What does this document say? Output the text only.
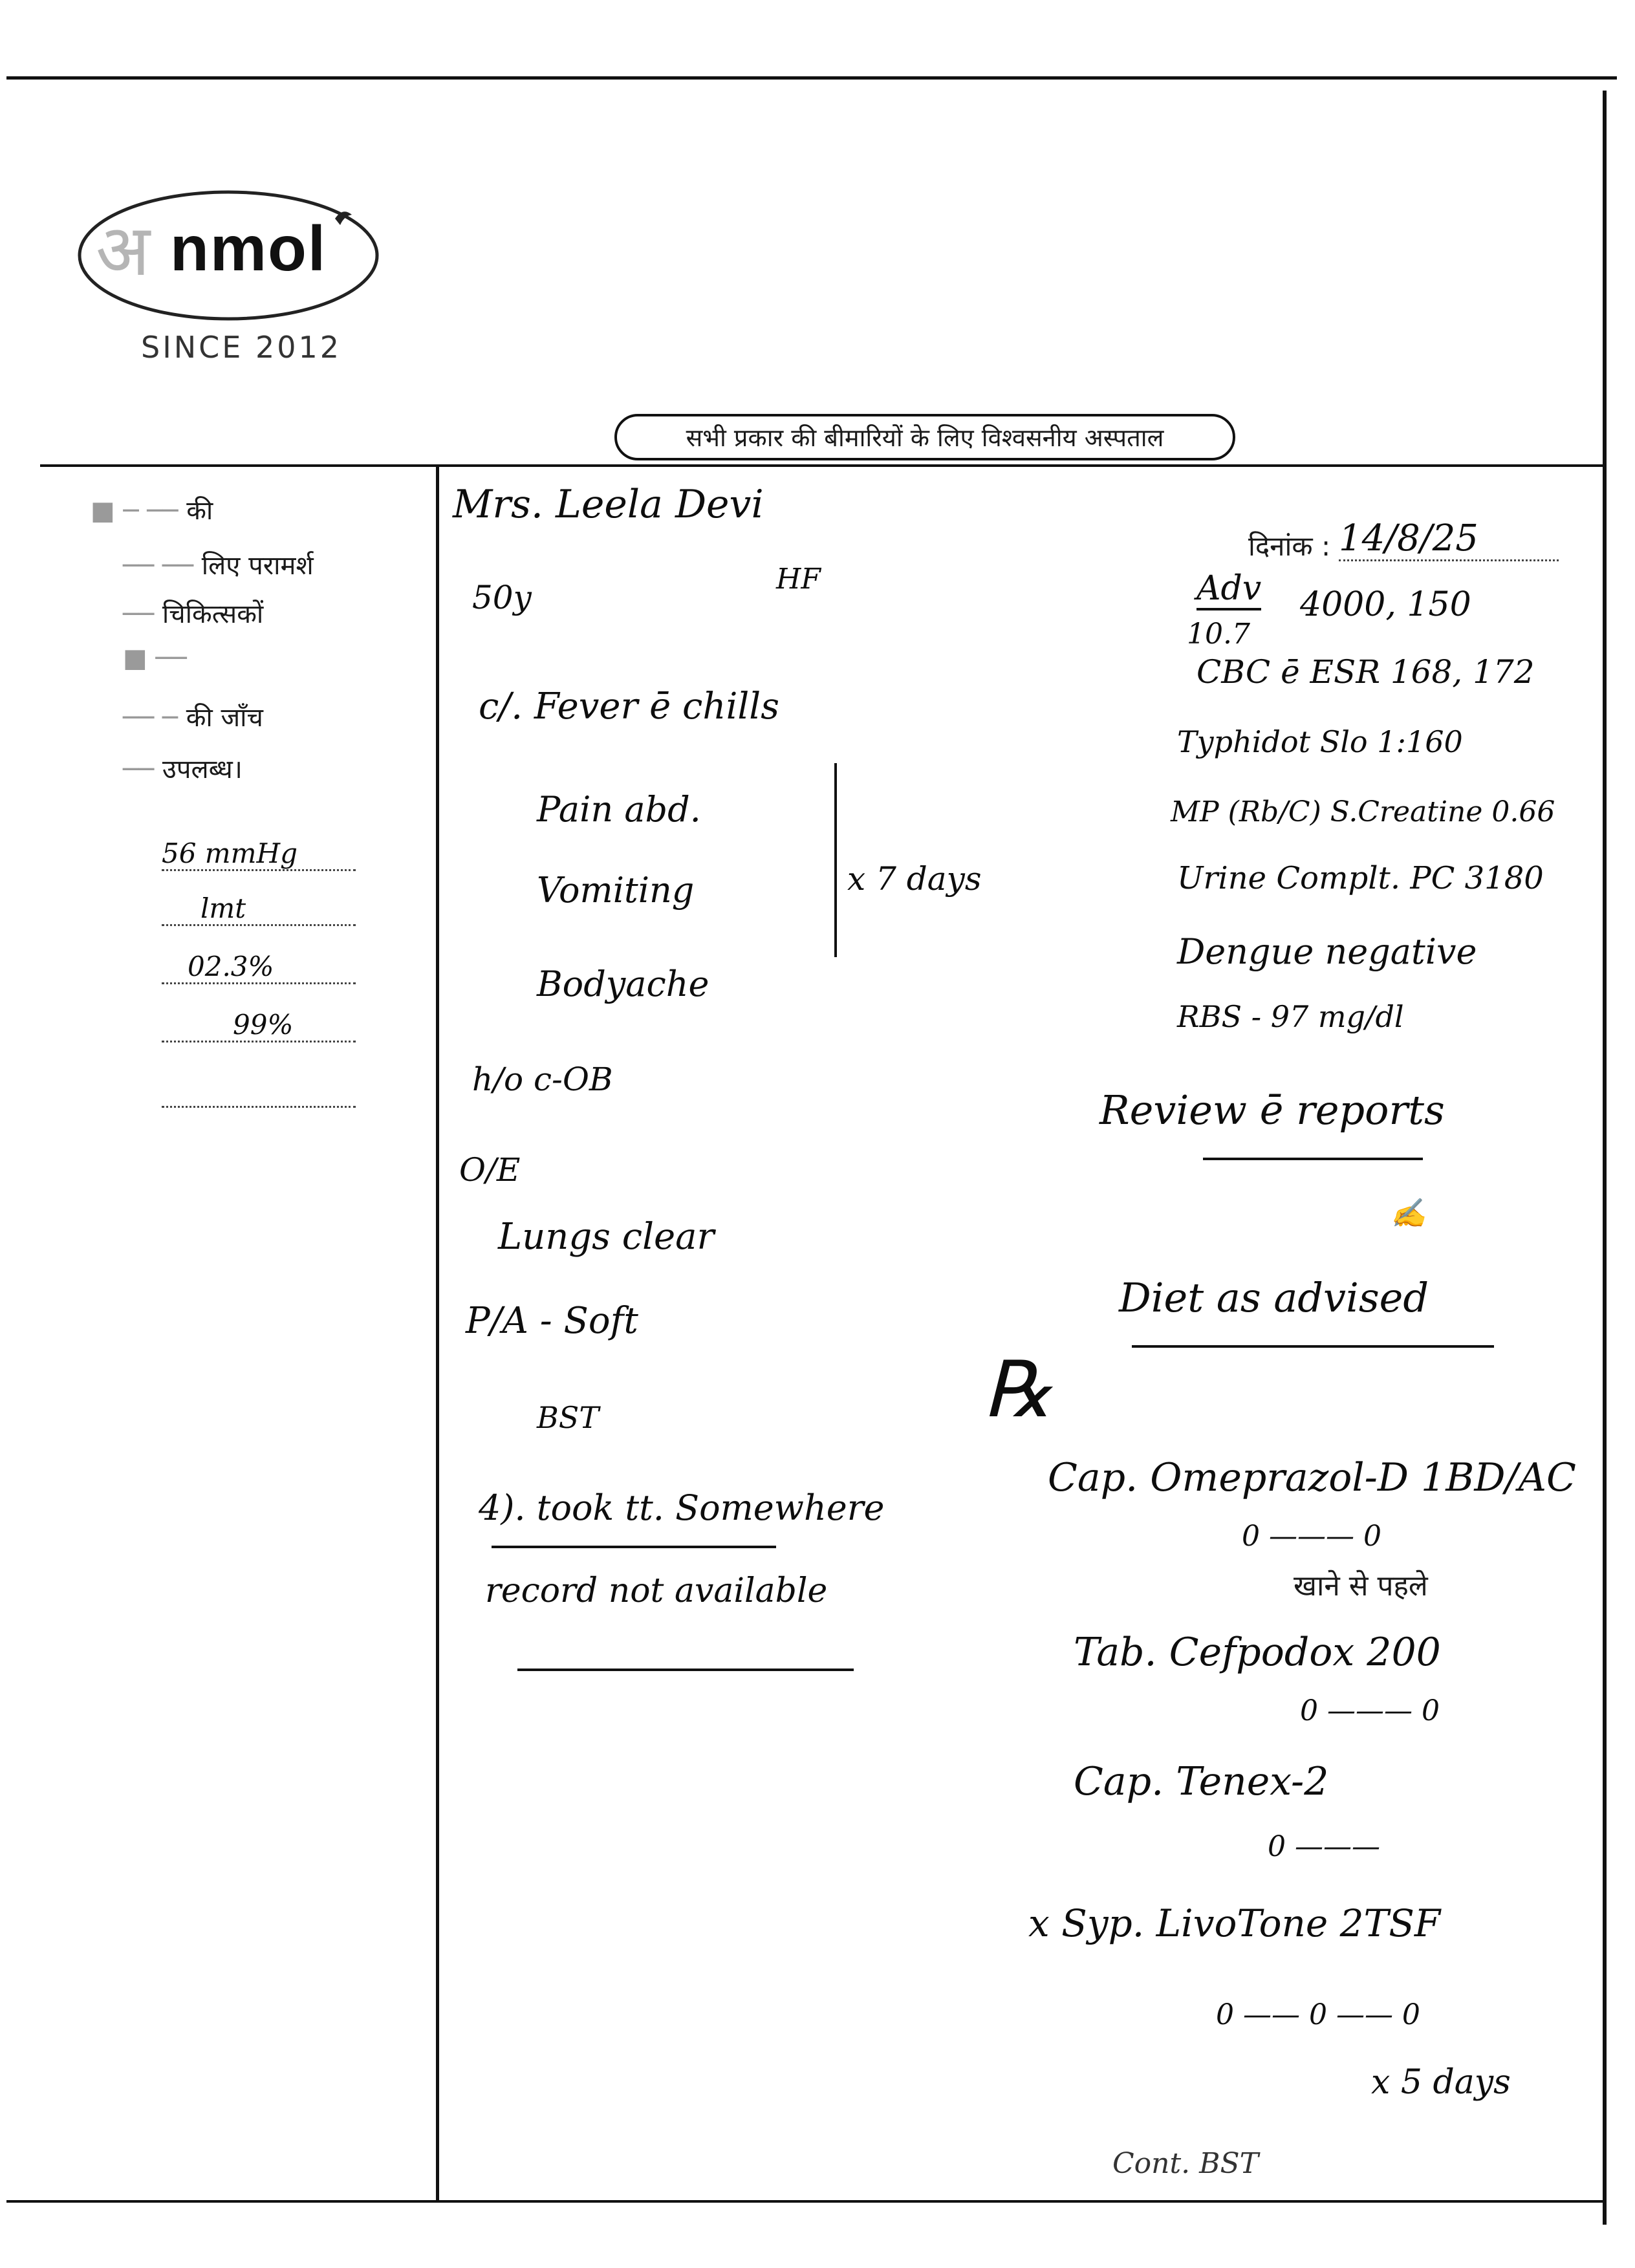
अ nmol
SINCE 2012
सभी प्रकार की बीमारियों के लिए विश्वसनीय अस्पताल
■ ─ ── की
── ── लिए परामर्श
── चिकित्सकों
■ ──
── ─ की जाँच
── उपलब्ध।
56 mmHg
lmt
02.3%
99%
Mrs. Leela Devi
50y	HF
c/. Fever ē chills
Pain abd.
Vomiting
Bodyache
x 7 days
h/o c-OB
O/E
Lungs clear
P/A - Soft
BST
4). took tt. Somewhere
record not available
दिनांक : 14/8/25
Adv
10.7
4000, 150
CBC ē ESR 168, 172
Typhidot Slo 1:160
MP (Rb/C) S.Creatine 0.66
Urine Complt. PC 3180
Dengue negative
RBS - 97 mg/dl
Review ē reports
✍
Diet as advised
℞
Cap. Omeprazol-D 1BD/AC
0 ——— 0
खाने से पहले
Tab. Cefpodox 200
0 ——— 0
Cap. Tenex-2
0 ———
x Syp. LivoTone 2TSF
0 —— 0 —— 0
x 5 days
Cont. BST
